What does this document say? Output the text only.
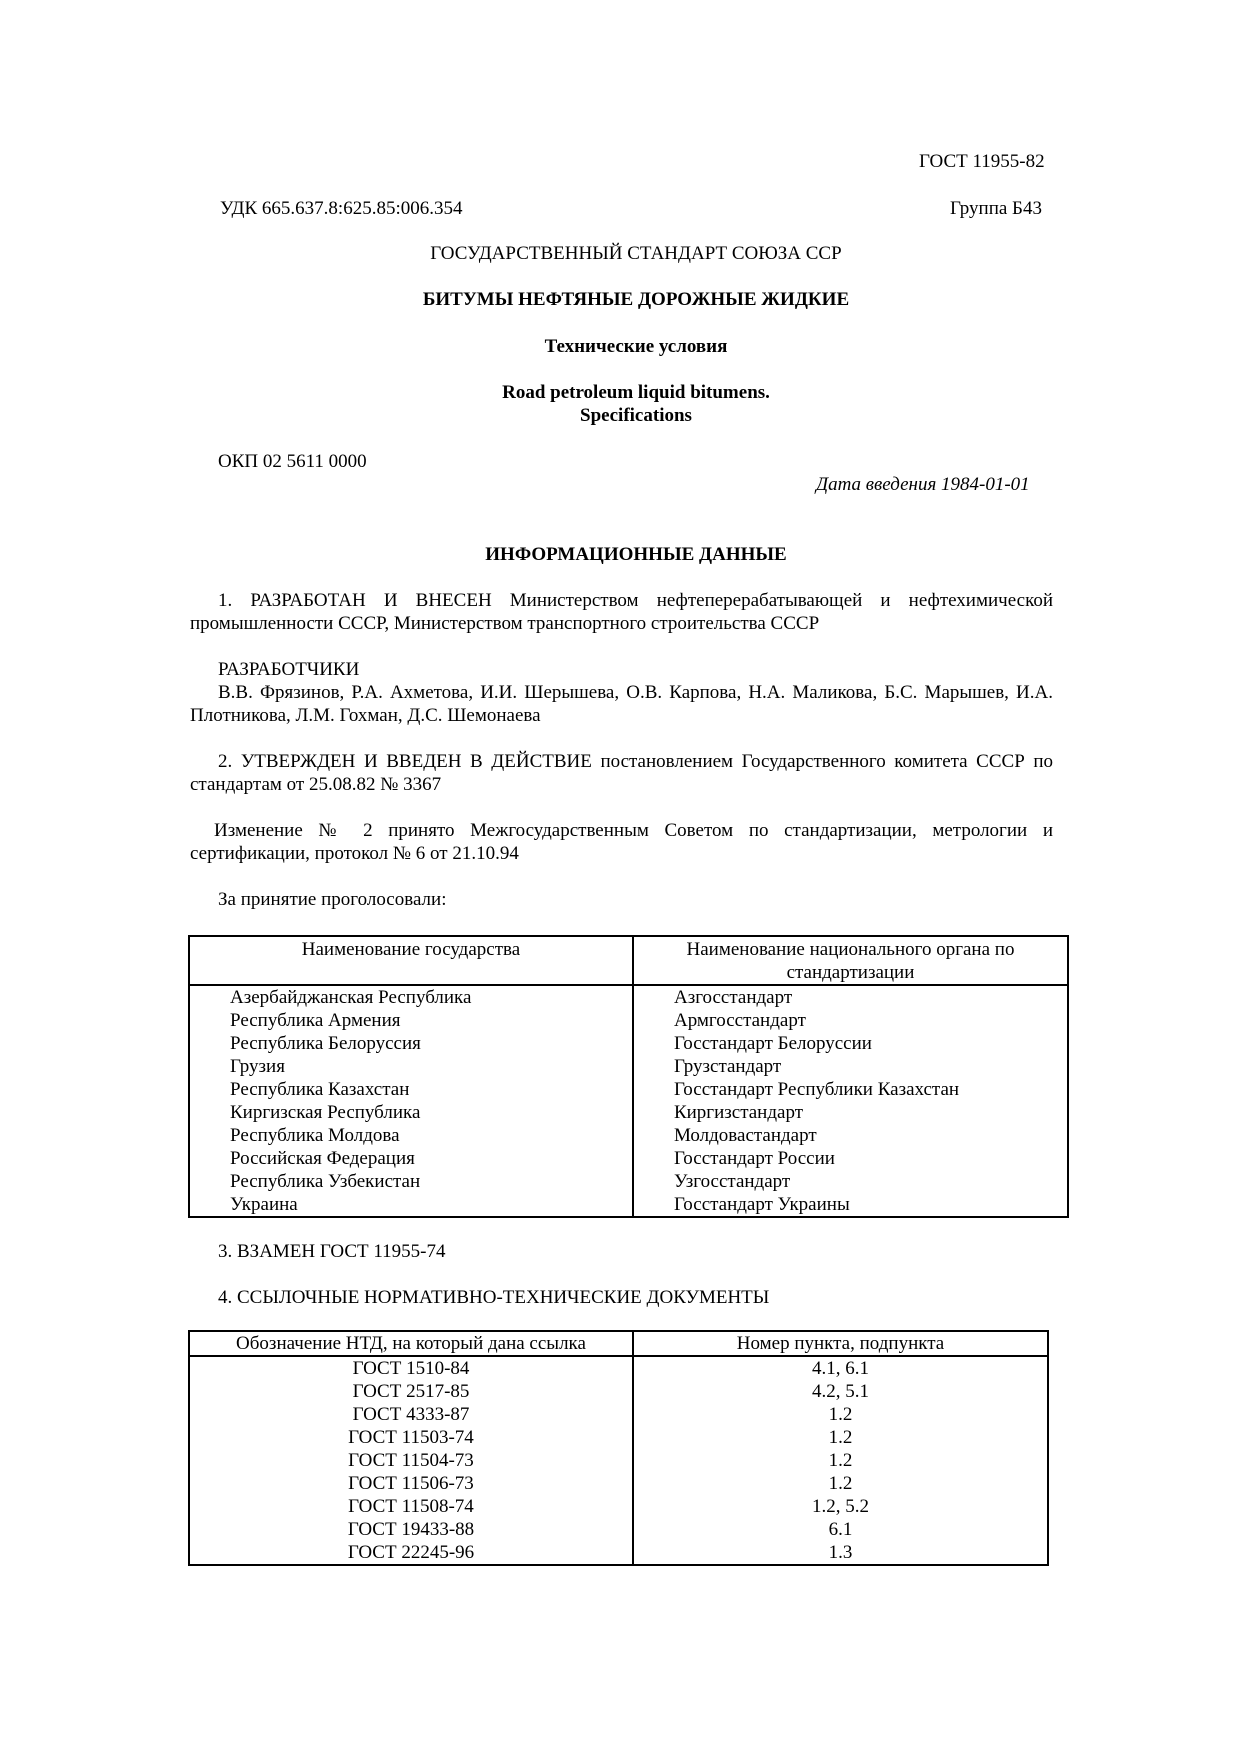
ГОСТ 11955-82
УДК 665.637.8:625.85:006.354	Группа Б43
ГОСУДАРСТВЕННЫЙ СТАНДАРТ СОЮЗА ССР
БИТУМЫ НЕФТЯНЫЕ ДОРОЖНЫЕ ЖИДКИЕ
Технические условия
Road petroleum liquid bitumens.
Specifications
ОКП 02 5611 0000
Дата введения 1984-01-01
ИНФОРМАЦИОННЫЕ ДАННЫЕ
1. РАЗРАБОТАН И ВНЕСЕН Министерством нефтеперерабатывающей и нефтехимической промышленности СССР, Министерством транспортного строительства СССР
РАЗРАБОТЧИКИ
В.В. Фрязинов, Р.А. Ахметова, И.И. Шерышева, О.В. Карпова, Н.А. Маликова, Б.С. Марышев, И.А. Плотникова, Л.М. Гохман, Д.С. Шемонаева
2. УТВЕРЖДЕН И ВВЕДЕН В ДЕЙСТВИЕ постановлением Государственного комитета СССР по стандартам от 25.08.82 № 3367
Изменение № 2 принято Межгосударственным Советом по стандартизации, метрологии и сертификации, протокол № 6 от 21.10.94
За принятие проголосовали:
Наименование государства	Наименование национального органа по стандартизации
Азербайджанская Республика	Азгосстандарт
Республика Армения	Армгосстандарт
Республика Белоруссия	Госстандарт Белоруссии
Грузия	Грузстандарт
Республика Казахстан	Госстандарт Республики Казахстан
Киргизская Республика	Киргизстандарт
Республика Молдова	Молдовастандарт
Российская Федерация	Госстандарт России
Республика Узбекистан	Узгосстандарт
Украина	Госстандарт Украины
3. ВЗАМЕН ГОСТ 11955-74
4. ССЫЛОЧНЫЕ НОРМАТИВНО-ТЕХНИЧЕСКИЕ ДОКУМЕНТЫ
Обозначение НТД, на который дана ссылка	Номер пункта, подпункта
ГОСТ 1510-84	4.1, 6.1
ГОСТ 2517-85	4.2, 5.1
ГОСТ 4333-87	1.2
ГОСТ 11503-74	1.2
ГОСТ 11504-73	1.2
ГОСТ 11506-73	1.2
ГОСТ 11508-74	1.2, 5.2
ГОСТ 19433-88	6.1
ГОСТ 22245-96	1.3
